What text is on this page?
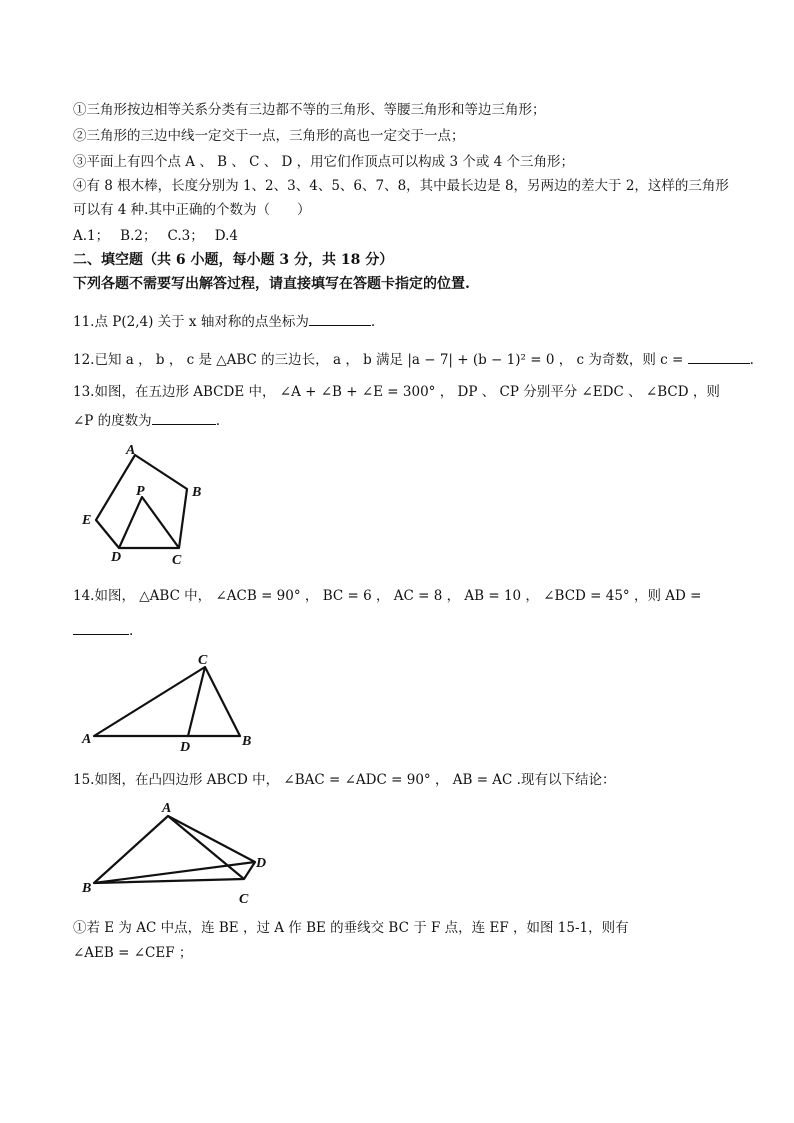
①三角形按边相等关系分类有三边都不等的三角形、等腰三角形和等边三角形；
②三角形的三边中线一定交于一点，三角形的高也一定交于一点；
③平面上有四个点 A 、 B 、 C 、 D ，用它们作顶点可以构成 3 个或 4 个三角形；
④有 8 根木棒，长度分别为 1、2、3、4、5、6、7、8，其中最长边是 8，另两边的差大于 2，这样的三角形
可以有 4 种.其中正确的个数为（　　）
A.1；　 B.2；　 C.3；　 D.4
二、填空题（共 6 小题，每小题 3 分，共 18 分）
下列各题不需要写出解答过程，请直接填写在答题卡指定的位置.
11.点 P(2,4) 关于 x 轴对称的点坐标为	.
12.已知 a ， b ， c 是 △ABC 的三边长， a ， b 满足 |a − 7| + (b − 1)² = 0 ， c 为奇数，则 c =	.
13.如图，在五边形 ABCDE 中， ∠A + ∠B + ∠E = 300° ， DP 、 CP 分别平分 ∠EDC 、 ∠BCD ，则
∠P 的度数为	.
A
B
C
D
E
P
14.如图， △ABC 中， ∠ACB = 90° ， BC = 6 ， AC = 8 ， AB = 10 ， ∠BCD = 45° ，则 AD =
.
A	B
C
D
15.如图，在凸四边形 ABCD 中， ∠BAC = ∠ADC = 90° ， AB = AC .现有以下结论：
A
B
C
D
①若 E 为 AC 中点，连 BE ，过 A 作 BE 的垂线交 BC 于 F 点，连 EF ，如图 15-1，则有
∠AEB = ∠CEF ；
